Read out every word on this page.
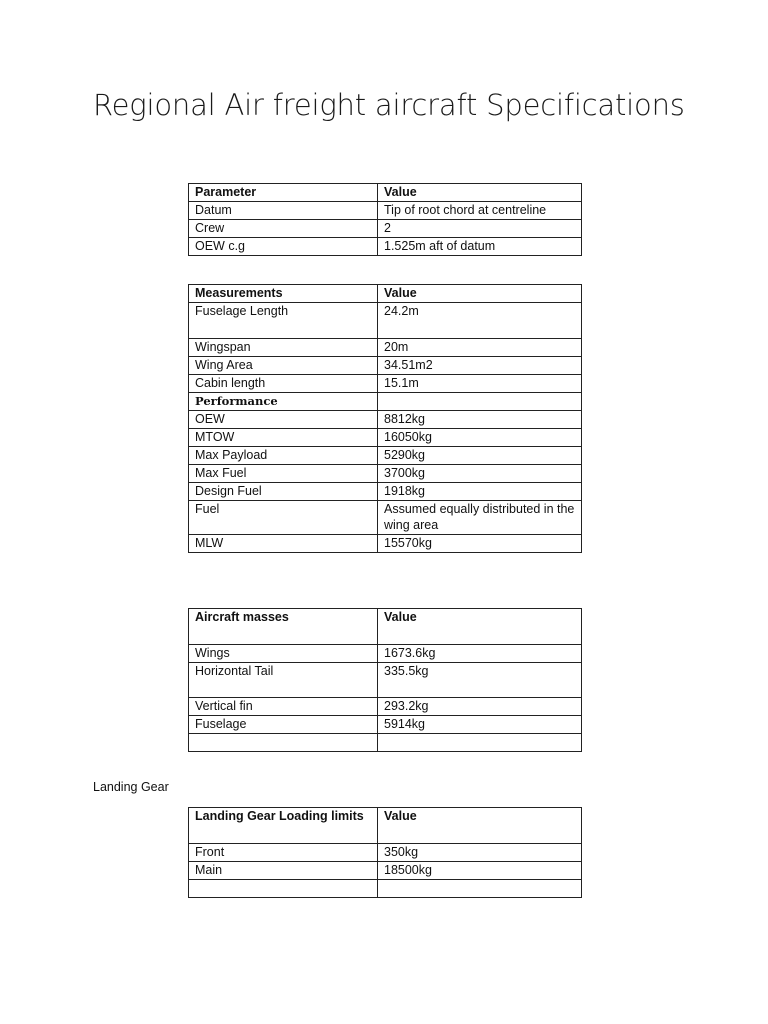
Regional Air freight aircraft Specifications
Parameter	Value
Datum	Tip of root chord at centreline
Crew	2
OEW c.g	1.525m aft of datum
Measurements	Value
Fuselage Length	24.2m
Wingspan	20m
Wing Area	34.51m2
Cabin length	15.1m
Performance	
OEW	8812kg
MTOW	16050kg
Max Payload	5290kg
Max Fuel	3700kg
Design Fuel	1918kg
Fuel	Assumed equally distributed in the wing area
MLW	15570kg
Aircraft masses	Value
Wings	1673.6kg
Horizontal Tail	335.5kg
Vertical fin	293.2kg
Fuselage	5914kg

Landing Gear
Landing Gear Loading limits	Value
Front	350kg
Main	18500kg
